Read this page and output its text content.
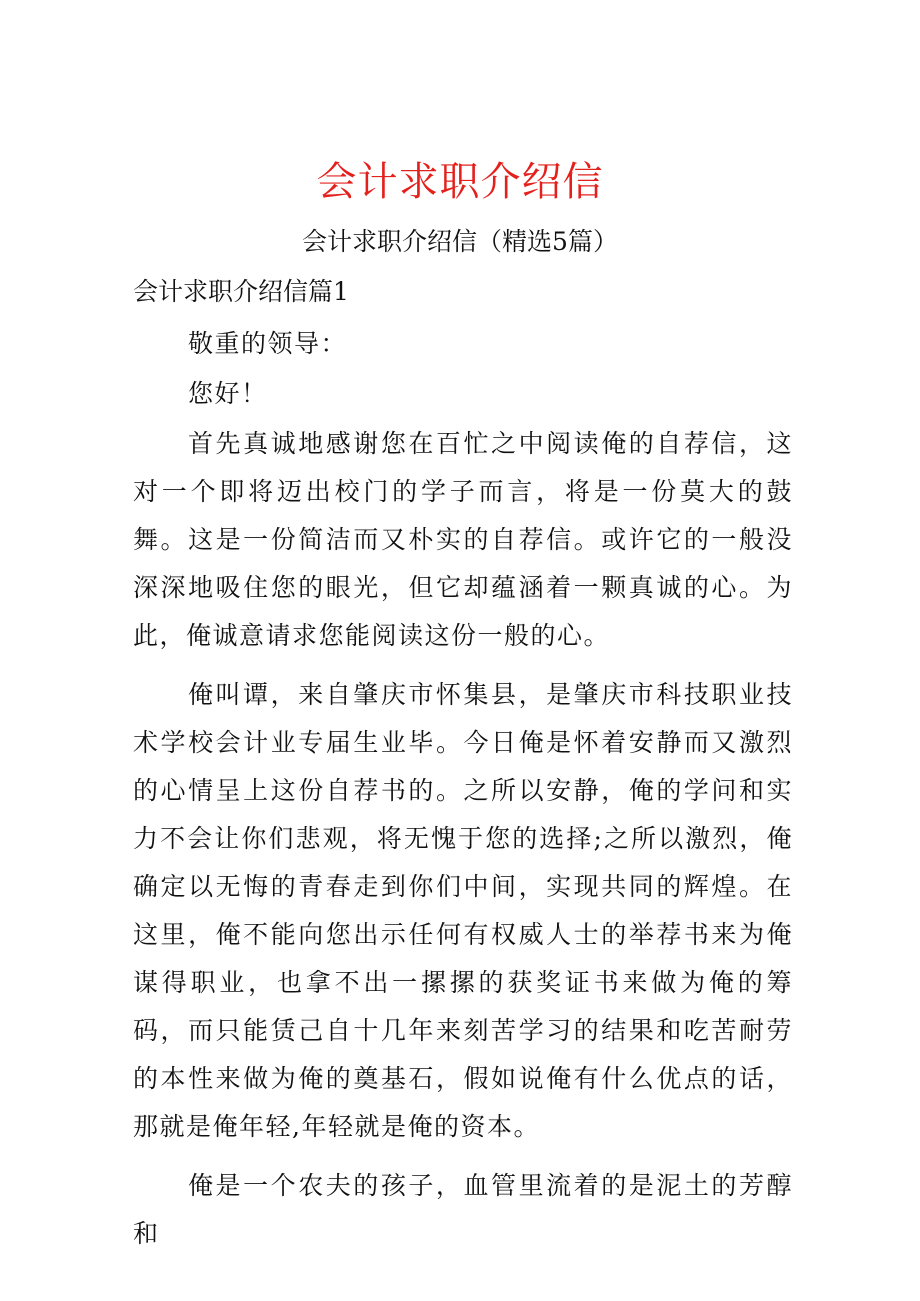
会计求职介绍信
会计求职介绍信（精选5篇）
会计求职介绍信篇1

敬重的领导：

您好！

首先真诚地感谢您在百忙之中阅读俺的自荐信，这对一个即将迈出校门的学子而言，将是一份莫大的鼓舞。这是一份简洁而又朴实的自荐信。或许它的一般没深深地吸住您的眼光，但它却蕴涵着一颗真诚的心。为此，俺诚意请求您能阅读这份一般的心。

俺叫谭，来自肇庆市怀集县，是肇庆市科技职业技术学校会计业专届生业毕。今日俺是怀着安静而又激烈的心情呈上这份自荐书的。之所以安静，俺的学问和实力不会让你们悲观，将无愧于您的选择;之所以激烈，俺确定以无悔的青春走到你们中间，实现共同的辉煌。在这里，俺不能向您出示任何有权威人士的举荐书来为俺谋得职业，也拿不出一摞摞的获奖证书来做为俺的筹码，而只能赁己自十几年来刻苦学习的结果和吃苦耐劳的本性来做为俺的奠基石，假如说俺有什么优点的话，那就是俺年轻,年轻就是俺的资本。

俺是一个农夫的孩子，血管里流着的是泥土的芳醇和
